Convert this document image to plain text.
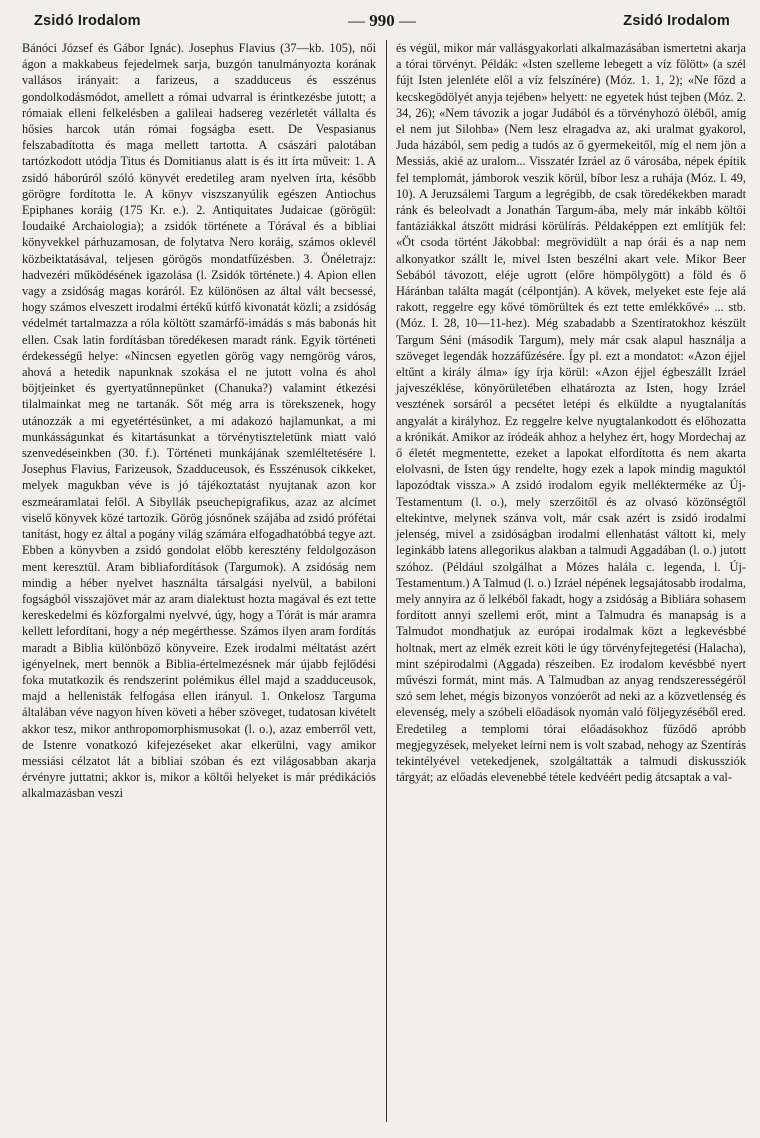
Zsidó Irodalom
—	990 —	Zsidó Irodalom

Bánóci József és Gábor Ignác). Josephus Flavius (37—kb. 105), női ágon a makkabeus fejedelmek sarja, buzgón tanulmányozta korának vallásos irányait: a farizeus, a szadduceus és esszénus gondolkodásmódot, amellett a római udvarral is érintkezésbe jutott; a rómaiak elleni felkelésben a galileai hadsereg vezérletét vállalta és hősies harcok után római fogságba esett. De Vespasianus felszabadította és maga mellett tartotta. A császári palotában tartózkodott utódja Titus és Domitianus alatt is és itt írta műveit: 1. A zsidó háborúról szóló könyvét eredetileg aram nyelven írta, később görögre fordította le. A könyv viszszanyúlik egészen Antiochus Epiphanes koráig (175 Kr. e.). 2. Antiquitates Judaicae (görögül: Ioudaiké Archaiologia); a zsidók története a Tórával és a bibliai könyvekkel párhuzamosan, de folytatva Nero koráig, számos oklevél közbeiktatásával, teljesen görögös mondatfűzésben. 3. Önéletrajz: hadvezéri működésének igazolása (l. Zsidók története.) 4. Apion ellen vagy a zsidóság magas koráról. Ez különösen az által vált becsessé, hogy számos elveszett irodalmi értékű kútfő kivonatát közli; a zsidóság védelmét tartalmazza a róla költött szamárfő-imádás s más babonás hit ellen. Csak latin fordításban töredékesen maradt ránk. Egyik történeti érdekességű helye: «Nincsen egyetlen görög vagy nemgörög város, ahová a hetedik napunknak szokása el ne jutott volna és ahol böjtjeinket és gyertyatűnnepünket (Chanuka?) valamint étkezési tilalmainkat meg ne tartanák. Sőt még arra is törekszenek, hogy utánozzák a mi egyetértésünket, a mi adakozó hajlamunkat, a mi munkásságunkat és kitartásunkat a törvénytiszteletünk miatt való szenvedéseinkben (30. f.). Történeti munkájának szemléltetésére l. Josephus Flavius, Farizeusok, Szadduceusok, és Esszénusok cikkeket, melyek magukban véve is jó tájékoztatást nyujtanak azon kor eszmeáramlatai felől. A Sibyllák pseuchepigrafikus, azaz az alcímet viselő könyvek közé tartozik. Görög jósnőnek szájába ad zsidó prófétai tanítást, hogy ez által a pogány világ számára elfogadhatóbbá tegye azt. Ebben a könyvben a zsidó gondolat előbb keresztény feldolgozáson ment keresztül. Aram bibliafordítások (Targumok). A zsidóság nem mindig a héber nyelvet használta társalgási nyelvül, a babiloni fogságból visszajövet már az aram dialektust hozta magával és ezt tette kereskedelmi és közforgalmi nyelvvé, úgy, hogy a Tórát is már aramra kellett lefordítani, hogy a nép megérthesse. Számos ilyen aram fordítás maradt a Biblia különböző könyveire. Ezek irodalmi méltatást azért igényelnek, mert bennök a Biblia-értelmezésnek már újabb fejlődési foka mutatkozik és rendszerint polémikus éllel majd a szadduceusok, majd a hellenisták felfogása ellen irányul. 1. Onkelosz Targuma általában véve nagyon híven követi a héber szöveget, tudatosan kivételt akkor tesz, mikor anthropomorphismusokat (l. o.), azaz emberről vett, de Istenre vonatkozó kifejezéseket akar elkerülni, vagy amikor messiási célzatot lát a bibliai szóban és ezt világosabban akarja érvényre juttatni; akkor is, mikor a költői helyeket is már prédikációs alkalmazásban veszi

és végül, mikor már vallásgyakorlati alkalmazásában ismertetni akarja a tórai törvényt. Példák: «Isten szelleme lebegett a víz fölött» (a szél fújt Isten jelenléte elől a víz felszínére) (Móz. 1. 1, 2); «Ne főzd a kecskegödölyét anyja tejében» helyett: ne egyetek húst tejben (Móz. 2. 34, 26); «Nem távozik a jogar Judából és a törvényhozó öléből, amíg el nem jut Silohba» (Nem lesz elragadva az, aki uralmat gyakorol, Juda házából, sem pedig a tudós az ő gyermekeitől, míg el nem jön a Messiás, akié az uralom... Visszatér Izráel az ő városába, népek építik fel templomát, jámborok veszik körül, bíbor lesz a ruhája (Móz. I. 49, 10). A Jeruzsálemi Targum a legrégibb, de csak töredékekben maradt ránk és beleolvadt a Jonathán Targum-ába, mely már inkább költői fantáziákkal átszőtt midrási körülírás. Példaképpen ezt említjük fel: «Öt csoda történt Jákobbal: megrövidült a nap órái és a nap nem alkonyatkor szállt le, mivel Isten beszélni akart vele. Mikor Beer Sebából távozott, eléje ugrott (előre hömpölygött) a föld és ő Háránban találta magát (célpontján). A kövek, melyeket este feje alá rakott, reggelre egy kővé tömörültek és ezt tette emlékkővé» ... stb. (Móz. I. 28, 10—11-hez). Még szabadabb a Szentíratokhoz készült Targum Séni (második Targum), mely már csak alapul használja a szöveget legendák hozzáfűzésére. Így pl. ezt a mondatot: «Azon éjjel eltűnt a király álma» így írja körül: «Azon éjjel égbeszállt Izráel jajveszéklése, könyörületében elhatározta az Isten, hogy Izráel vesztének sorsáról a pecsétet letépi és elküldte a nyugtalanítás angyalát a királyhoz. Ez reggelre kelve nyugtalankodott és előhozatta a krónikát. Amikor az íródeák ahhoz a helyhez ért, hogy Mordechaj az ő életét megmentette, ezeket a lapokat elfordította és nem akarta elolvasni, de Isten úgy rendelte, hogy ezek a lapok mindig maguktól lapozódtak vissza.» A zsidó irodalom egyik melléktermékе az Új-Testamentum (l. o.), mely szerzőitől és az olvasó közönségtől eltekintve, melynek szánva volt, már csak azért is zsidó irodalmi jelenség, mivel a zsidóságban irodalmi ellenhatást váltott ki, mely leginkább latens allegorikus alakban a talmudi Aggadában (l. o.) jutott szóhoz. (Például szolgálhat a Mózes halála c. legenda, l. Új-Testamentum.) A Talmud (l. o.) Izráel népének legsajátosabb irodalma, mely annyira az ő lelkéből fakadt, hogy a zsidóság a Bibliára sohasem fordított annyi szellemi erőt, mint a Talmudra és manapság is a Talmudot mondhatjuk az európai irodalmak közt a legkevésbbé holtnak, mert az elmék ezreit köti le úgy törvényfejtegetési (Halacha), mint szépirodalmi (Aggada) részeiben. Ez irodalom kevésbbé nyert művészi formát, mint más. A Talmudban az anyag rendszerességéről szó sem lehet, mégis bizonyos vonzóerőt ad neki az a közvetlenség és elevenség, mely a szóbeli előadások nyomán való följegyzéséből ered. Eredetileg a templomi tórai előadásokhoz fűződő apróbb megjegyzések, melyeket leírni nem is volt szabad, nehogy az Szentírás tekintélyével vetekedjenek, szolgáltatták a talmudi diskussziók tárgyát; az előadás elevenebbé tétele kedvéért pedig átcsaptak a val-
